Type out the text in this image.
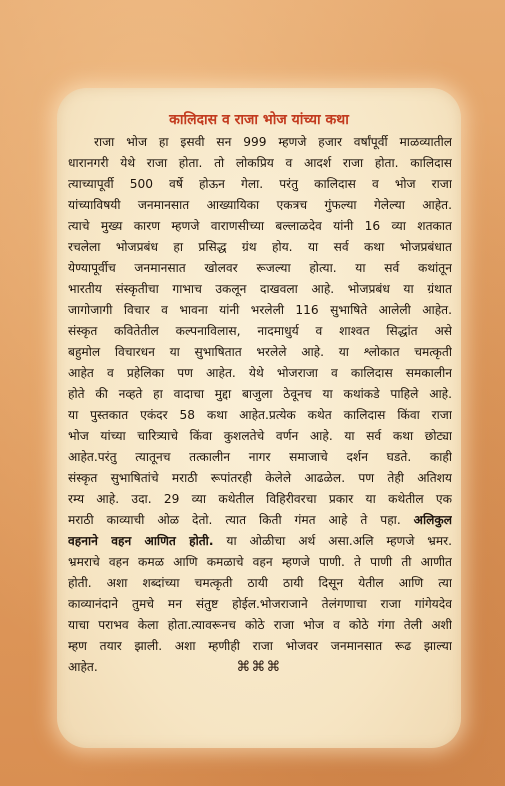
कालिदास व राजा भोज यांच्या कथा
राजा भोज हा इसवी सन 999 म्हणजे हजार वर्षांपूर्वी माळव्यातील
धारानगरी येथे राजा होता. तो लोकप्रिय व आदर्श राजा होता. कालिदास
त्याच्यापूर्वी 500 वर्षे होऊन गेला. परंतु कालिदास व भोज राजा
यांच्याविषयी जनमानसात आख्यायिका एकत्रच गुंफल्या गेलेल्या आहेत.
त्याचे मुख्य कारण म्हणजे वाराणसीच्या बल्लाळदेव यांनी 16 व्या शतकात
रचलेला भोजप्रबंध हा प्रसिद्ध ग्रंथ होय. या सर्व कथा भोजप्रबंधात
येण्यापूर्वीच जनमानसात खोलवर रूजल्या होत्या. या सर्व कथांतून
भारतीय संस्कृतीचा गाभाच उकलून दाखवला आहे. भोजप्रबंध या ग्रंथात
जागोजागी विचार व भावना यांनी भरलेली 116 सुभाषिते आलेली आहेत.
संस्कृत कवितेतील कल्पनाविलास, नादमाधुर्य व शाश्वत सिद्धांत असे
बहुमोल विचारधन या सुभाषितात भरलेले आहे. या श्लोकात चमत्कृती
आहेत व प्रहेलिका पण आहेत. येथे भोजराजा व कालिदास समकालीन
होते की नव्हते हा वादाचा मुद्दा बाजुला ठेवूनच या कथांकडे पाहिले आहे.
या पुस्तकात एकंदर 58 कथा आहेत.प्रत्येक कथेत कालिदास किंवा राजा
भोज यांच्या चारित्र्याचे किंवा कुशलतेचे वर्णन आहे. या सर्व कथा छोट्या
आहेत.परंतु त्यातूनच तत्कालीन नागर समाजाचे दर्शन घडते. काही
संस्कृत सुभाषितांचे मराठी रूपांतरही केलेले आढळेल. पण तेही अतिशय
रम्य आहे. उदा. 29 व्या कथेतील विहिरीवरचा प्रकार या कथेतील एक
मराठी काव्याची ओळ देतो. त्यात किती गंमत आहे ते पहा. अलिकुल
वहनाने वहन आणित होती. या ओळीचा अर्थ असा.अलि म्हणजे भ्रमर.
भ्रमराचे वहन कमळ आणि कमळाचे वहन म्हणजे पाणी. ते पाणी ती आणीत
होती. अशा शब्दांच्या चमत्कृती ठायी ठायी दिसून येतील आणि त्या
काव्यानंदाने तुमचे मन संतुष्ट होईल.भोजराजाने तेलंगणाचा राजा गांगेयदेव
याचा पराभव केला होता.त्यावरूनच कोठे राजा भोज व कोठे गंगा तेली अशी
म्हण तयार झाली. अशा म्हणीही राजा भोजवर जनमानसात रूढ झाल्या
आहेत.	⌘⌘⌘
